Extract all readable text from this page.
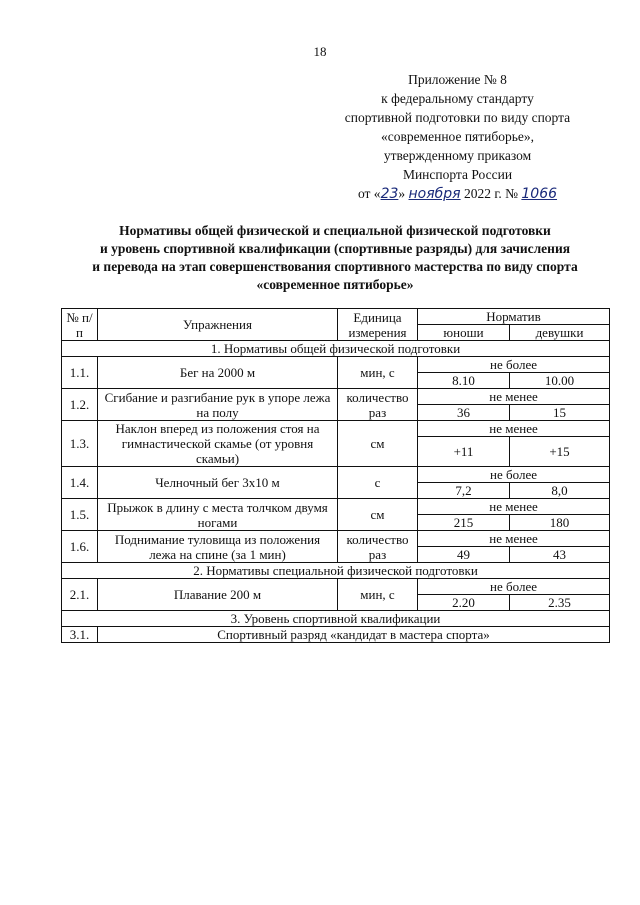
18
Приложение № 8
к федеральному стандарту
спортивной подготовки по виду спорта
«современное пятиборье»,
утвержденному приказом
Минспорта России
от «23» ноября 2022 г. № 1066
Нормативы общей физической и специальной физической подготовки
и уровень спортивной квалификации (спортивные разряды) для зачисления
и перевода на этап совершенствования спортивного мастерства по виду спорта
«современное пятиборье»
№ п/п	Упражнения	Единица измерения	Норматив	
			юноши	девушки
1. Нормативы общей физической подготовки				
1.1.	Бег на 2000 м	мин, с	не более	
			8.10	10.00
1.2.	Сгибание и разгибание рук в упоре лежа на полу	количество раз	не менее	
			36	15
1.3.	Наклон вперед из положения стоя на гимнастической скамье (от уровня скамьи)	см	не менее	
			+11	+15
1.4.	Челночный бег 3x10 м	с	не более	
			7,2	8,0
1.5.	Прыжок в длину с места толчком двумя ногами	см	не менее	
			215	180
1.6.	Поднимание туловища из положения лежа на спине (за 1 мин)	количество раз	не менее	
			49	43
2. Нормативы специальной физической подготовки				
2.1.	Плавание 200 м	мин, с	не более	
			2.20	2.35
3. Уровень спортивной квалификации				
3.1.	Спортивный разряд «кандидат в мастера спорта»			
